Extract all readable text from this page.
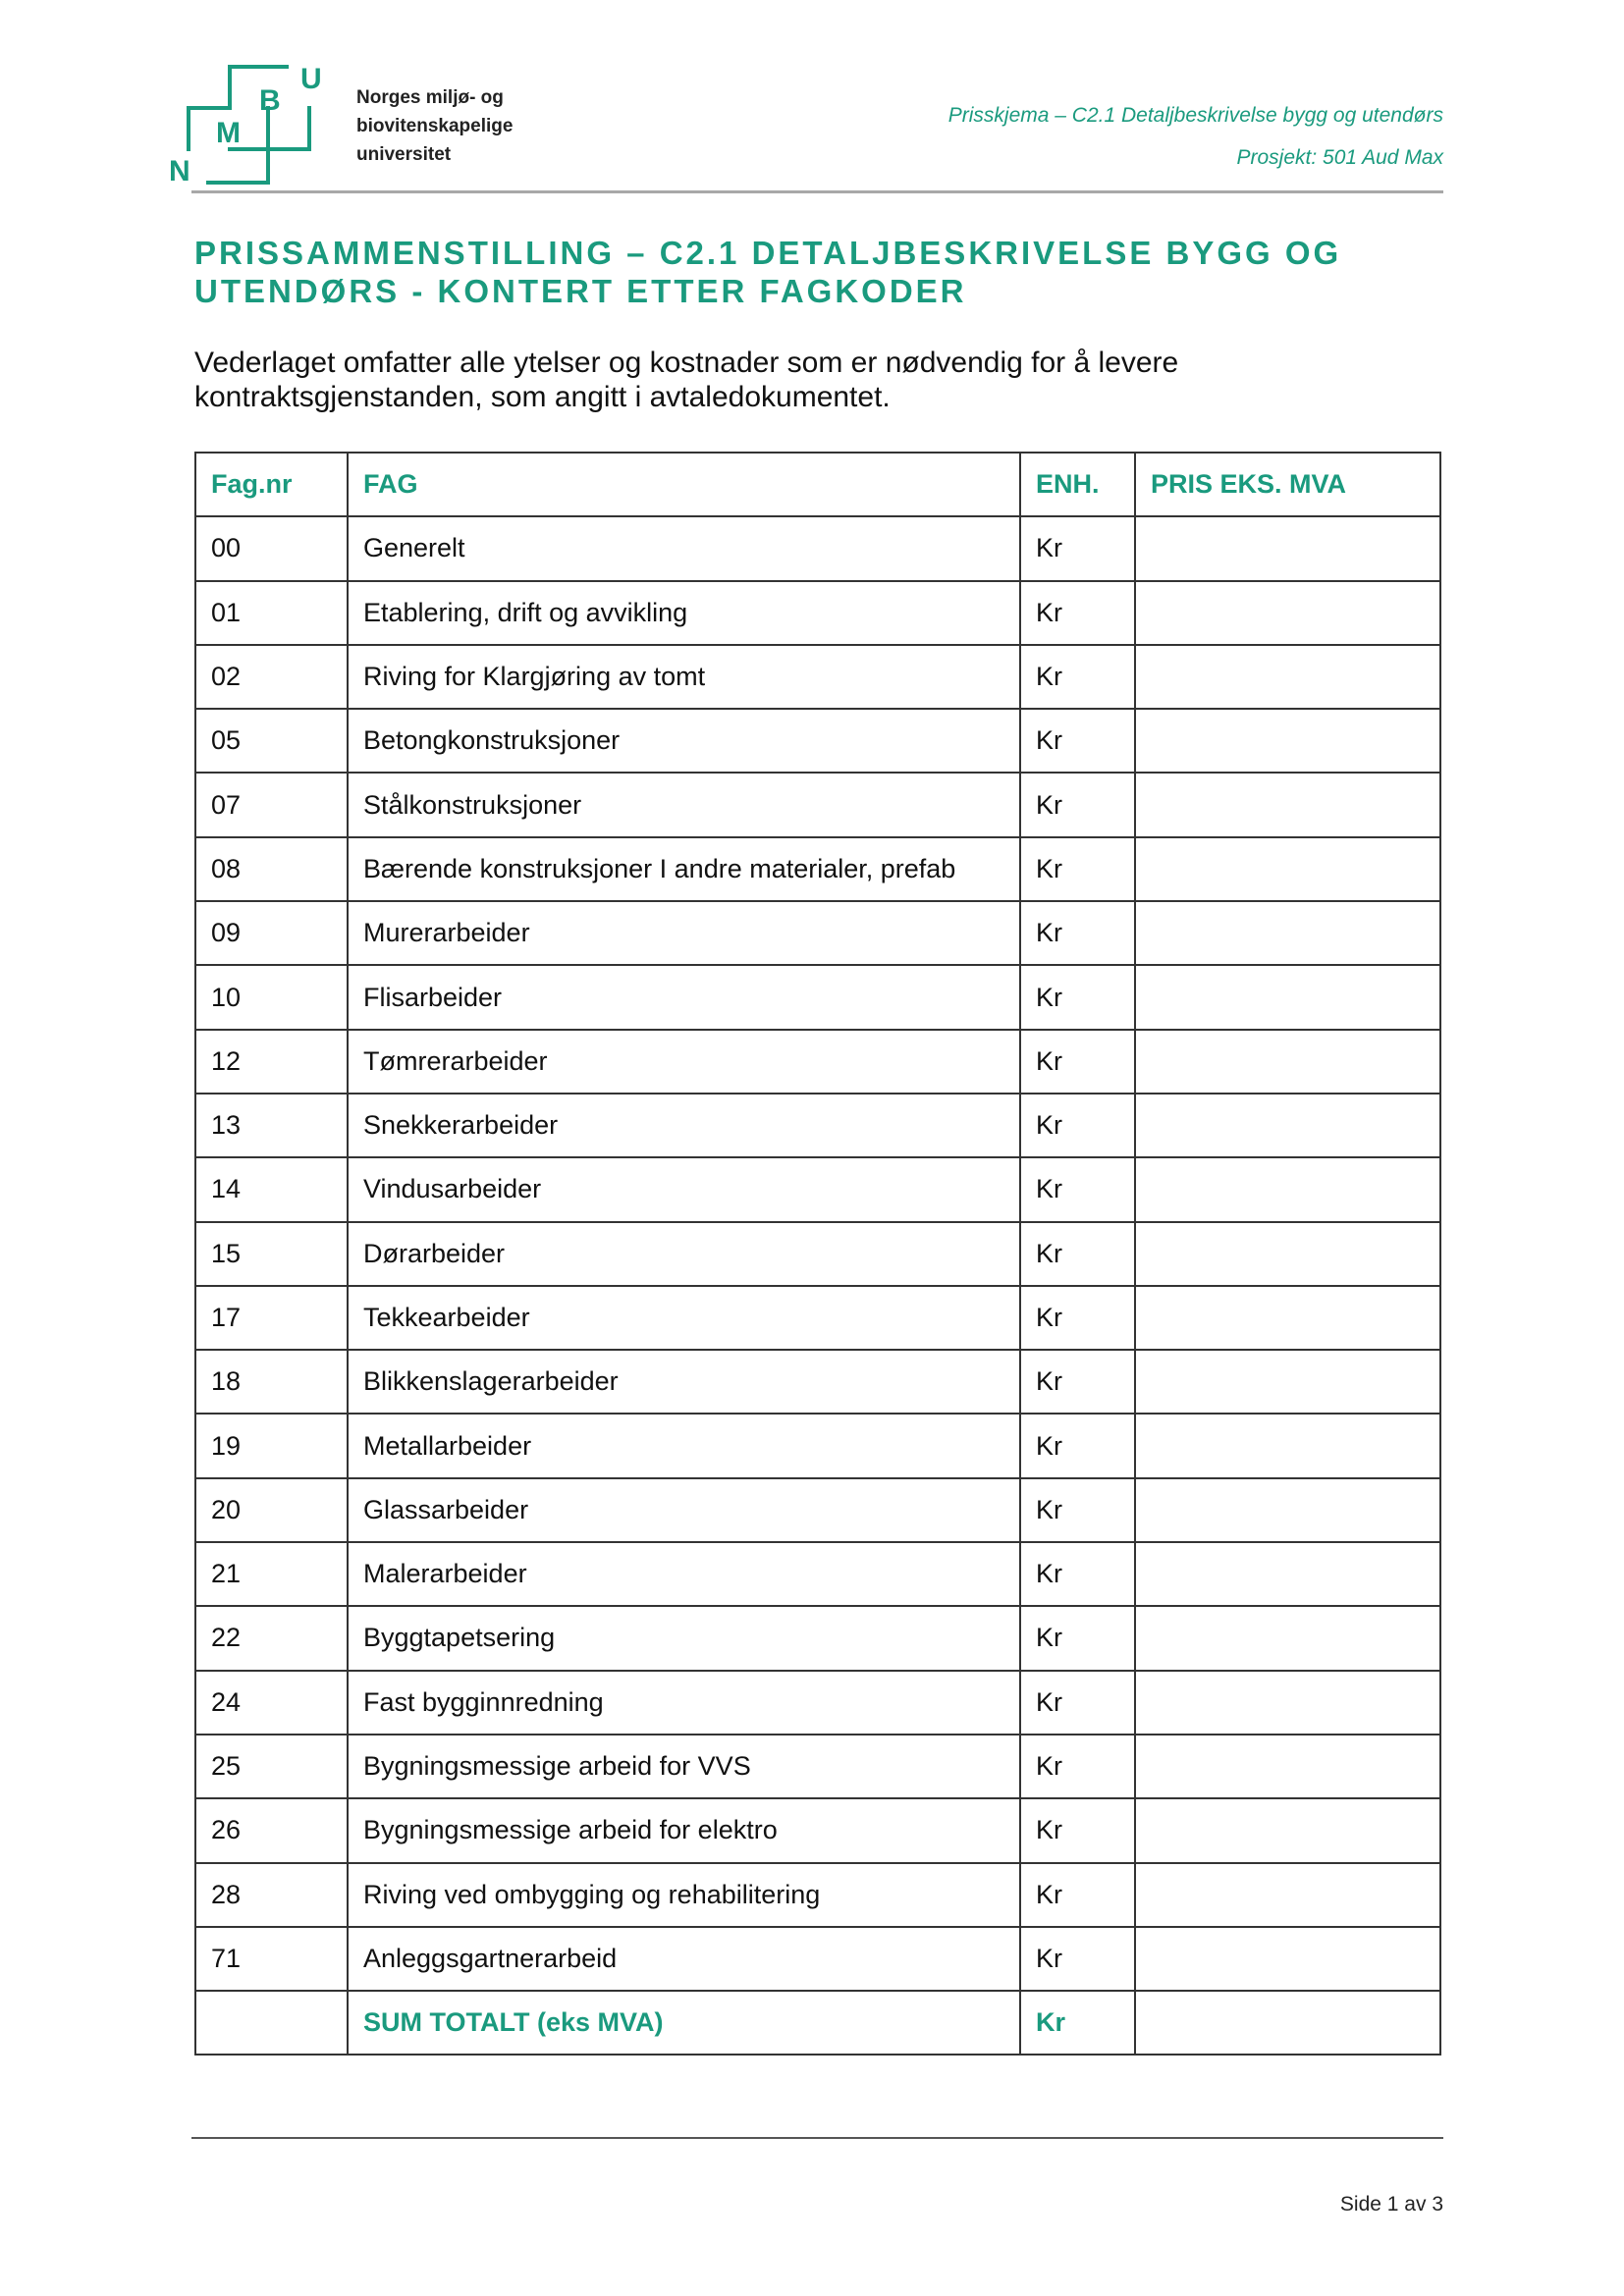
N
M
B
U
Norges miljø- og
biovitenskapelige
universitet
Prisskjema – C2.1 Detaljbeskrivelse bygg og utendørs
Prosjekt: 501 Aud Max
PRISSAMMENSTILLING – C2.1 DETALJBESKRIVELSE BYGG OG
UTENDØRS - KONTERT ETTER FAGKODER
Vederlaget omfatter alle ytelser og kostnader som er nødvendig for å levere
kontraktsgjenstanden, som angitt i avtaledokumentet.
Fag.nr	FAG	ENH.	PRIS EKS. MVA
00	Generelt	Kr	
01	Etablering, drift og avvikling	Kr	
02	Riving for Klargjøring av tomt	Kr	
05	Betongkonstruksjoner	Kr	
07	Stålkonstruksjoner	Kr	
08	Bærende konstruksjoner I andre materialer, prefab	Kr	
09	Murerarbeider	Kr	
10	Flisarbeider	Kr	
12	Tømrerarbeider	Kr	
13	Snekkerarbeider	Kr	
14	Vindusarbeider	Kr	
15	Dørarbeider	Kr	
17	Tekkearbeider	Kr	
18	Blikkenslagerarbeider	Kr	
19	Metallarbeider	Kr	
20	Glassarbeider	Kr	
21	Malerarbeider	Kr	
22	Byggtapetsering	Kr	
24	Fast bygginnredning	Kr	
25	Bygningsmessige arbeid for VVS	Kr	
26	Bygningsmessige arbeid for elektro	Kr	
28	Riving ved ombygging og rehabilitering	Kr	
71	Anleggsgartnerarbeid	Kr	
	SUM TOTALT (eks MVA)	Kr	
Side 1 av 3
